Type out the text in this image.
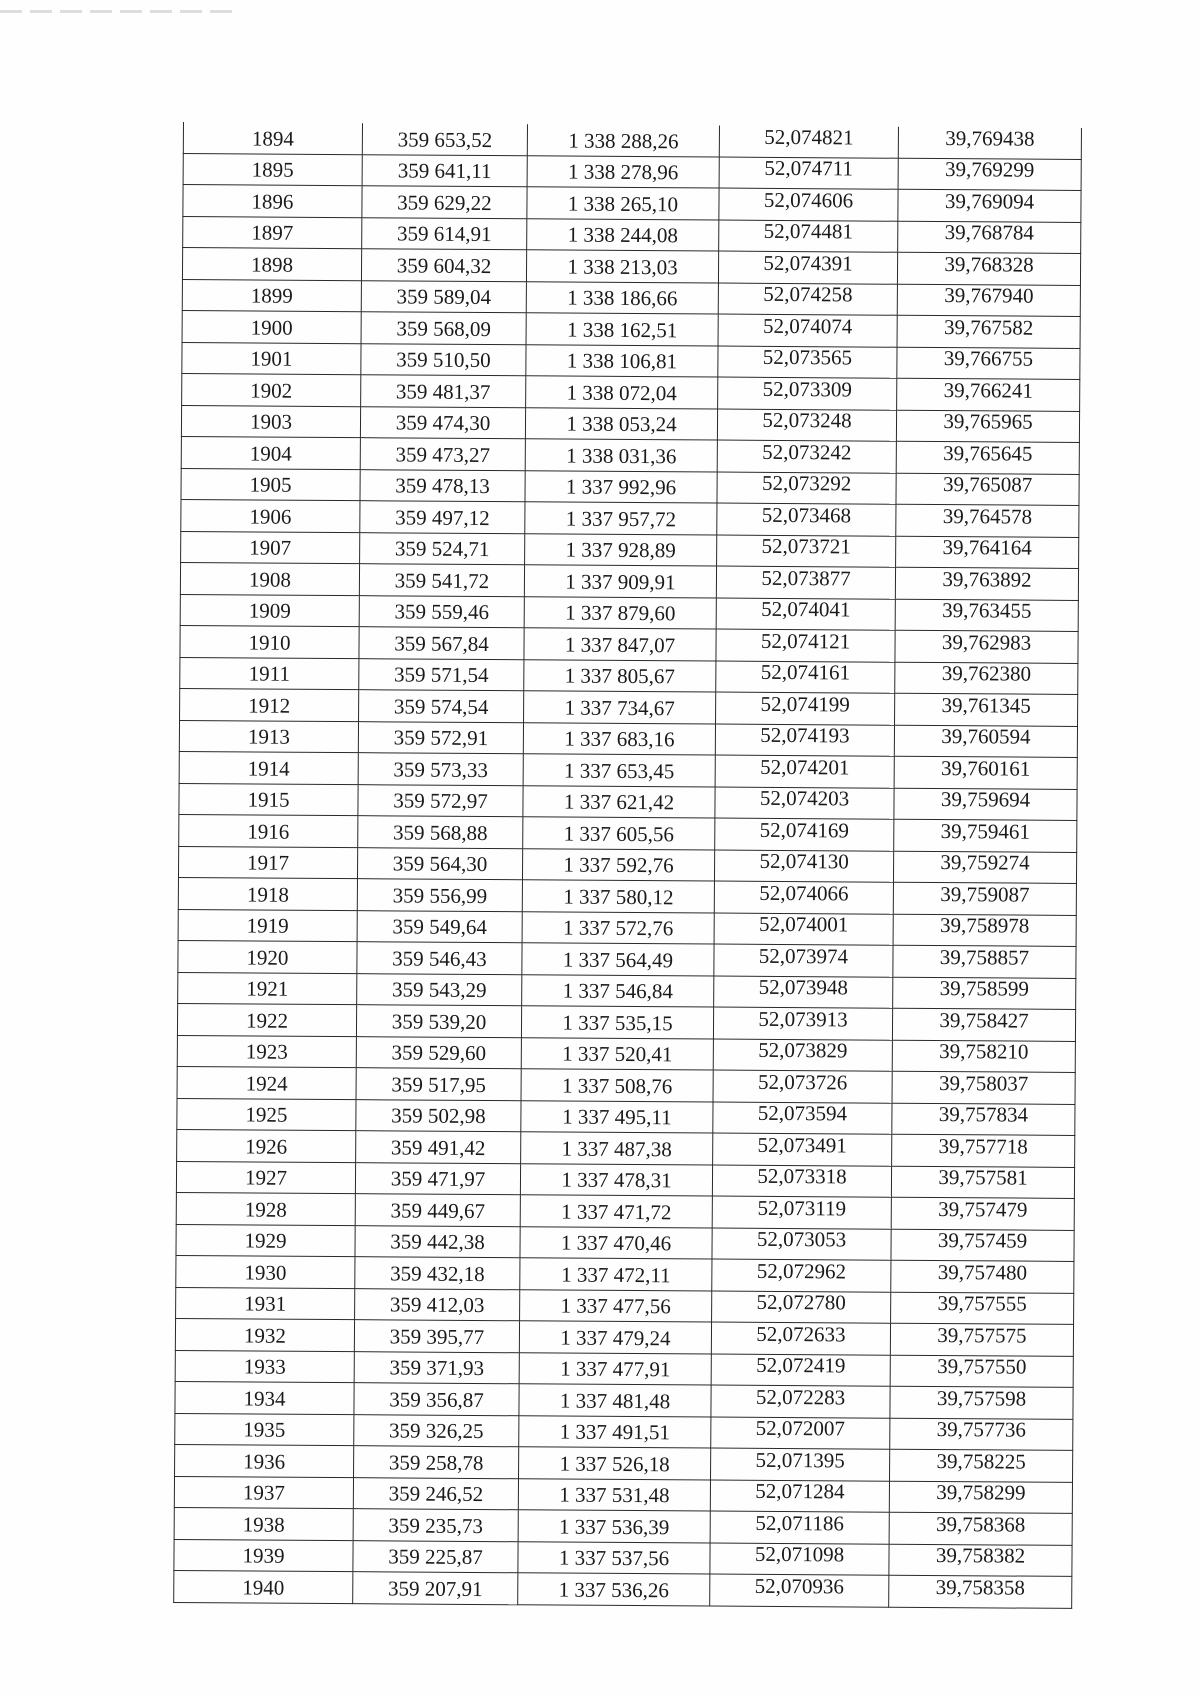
1894	359 653,52	1 338 288,26	52,074821	39,769438
1895	359 641,11	1 338 278,96	52,074711	39,769299
1896	359 629,22	1 338 265,10	52,074606	39,769094
1897	359 614,91	1 338 244,08	52,074481	39,768784
1898	359 604,32	1 338 213,03	52,074391	39,768328
1899	359 589,04	1 338 186,66	52,074258	39,767940
1900	359 568,09	1 338 162,51	52,074074	39,767582
1901	359 510,50	1 338 106,81	52,073565	39,766755
1902	359 481,37	1 338 072,04	52,073309	39,766241
1903	359 474,30	1 338 053,24	52,073248	39,765965
1904	359 473,27	1 338 031,36	52,073242	39,765645
1905	359 478,13	1 337 992,96	52,073292	39,765087
1906	359 497,12	1 337 957,72	52,073468	39,764578
1907	359 524,71	1 337 928,89	52,073721	39,764164
1908	359 541,72	1 337 909,91	52,073877	39,763892
1909	359 559,46	1 337 879,60	52,074041	39,763455
1910	359 567,84	1 337 847,07	52,074121	39,762983
1911	359 571,54	1 337 805,67	52,074161	39,762380
1912	359 574,54	1 337 734,67	52,074199	39,761345
1913	359 572,91	1 337 683,16	52,074193	39,760594
1914	359 573,33	1 337 653,45	52,074201	39,760161
1915	359 572,97	1 337 621,42	52,074203	39,759694
1916	359 568,88	1 337 605,56	52,074169	39,759461
1917	359 564,30	1 337 592,76	52,074130	39,759274
1918	359 556,99	1 337 580,12	52,074066	39,759087
1919	359 549,64	1 337 572,76	52,074001	39,758978
1920	359 546,43	1 337 564,49	52,073974	39,758857
1921	359 543,29	1 337 546,84	52,073948	39,758599
1922	359 539,20	1 337 535,15	52,073913	39,758427
1923	359 529,60	1 337 520,41	52,073829	39,758210
1924	359 517,95	1 337 508,76	52,073726	39,758037
1925	359 502,98	1 337 495,11	52,073594	39,757834
1926	359 491,42	1 337 487,38	52,073491	39,757718
1927	359 471,97	1 337 478,31	52,073318	39,757581
1928	359 449,67	1 337 471,72	52,073119	39,757479
1929	359 442,38	1 337 470,46	52,073053	39,757459
1930	359 432,18	1 337 472,11	52,072962	39,757480
1931	359 412,03	1 337 477,56	52,072780	39,757555
1932	359 395,77	1 337 479,24	52,072633	39,757575
1933	359 371,93	1 337 477,91	52,072419	39,757550
1934	359 356,87	1 337 481,48	52,072283	39,757598
1935	359 326,25	1 337 491,51	52,072007	39,757736
1936	359 258,78	1 337 526,18	52,071395	39,758225
1937	359 246,52	1 337 531,48	52,071284	39,758299
1938	359 235,73	1 337 536,39	52,071186	39,758368
1939	359 225,87	1 337 537,56	52,071098	39,758382
1940	359 207,91	1 337 536,26	52,070936	39,758358
